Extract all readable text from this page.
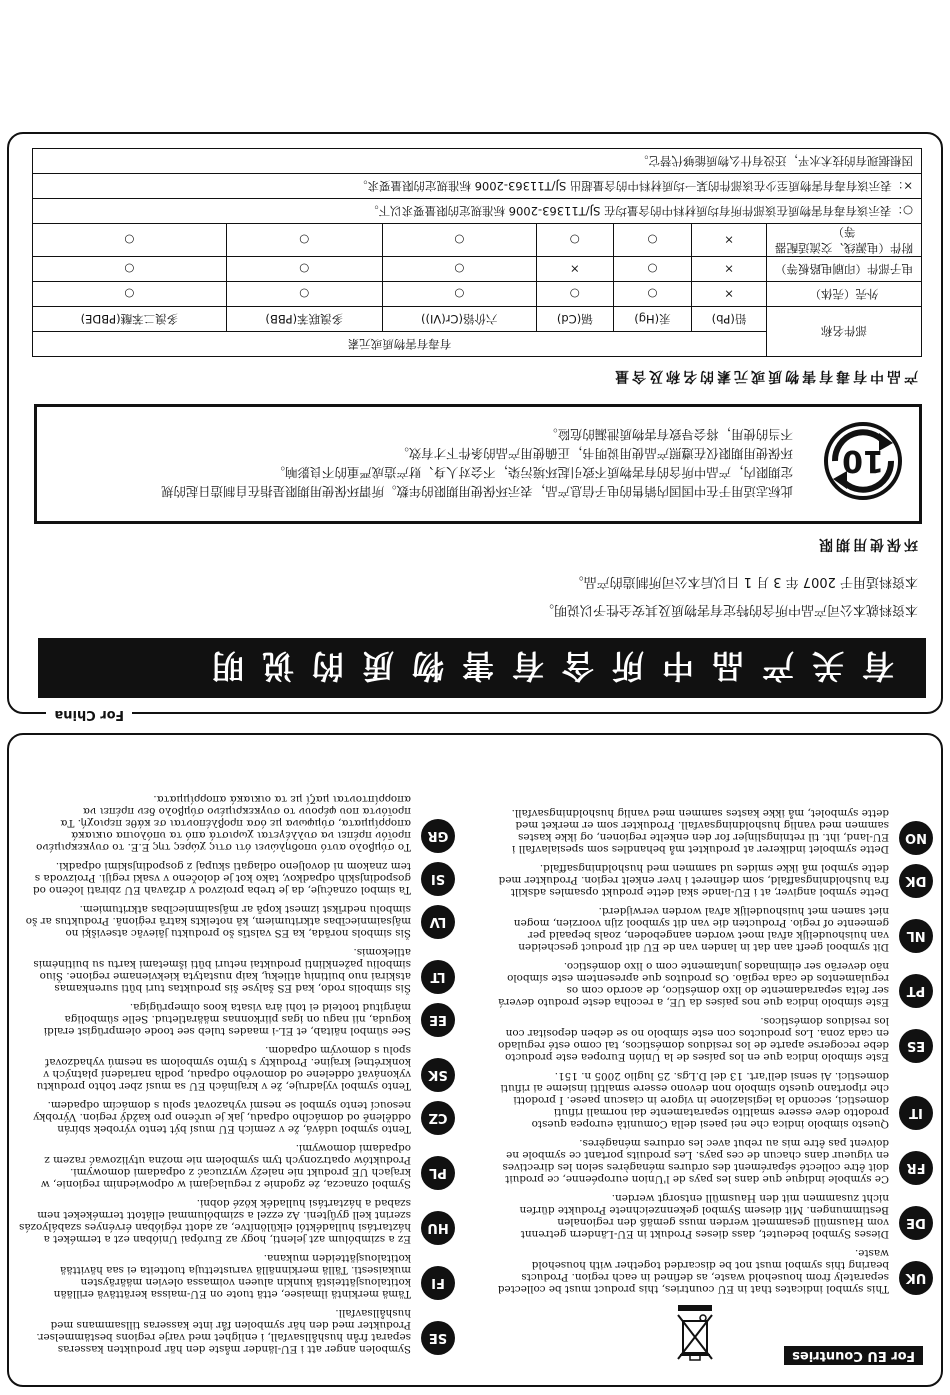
For EU Countries
UK
This symbol indicates that in EU countries, this product must be collected separately from household waste, as defined in each region. Products bearing this symbol must not be discarded together with household waste.
DE
Dieses Symbol bedeutet, dass dieses Produkt in EU-Ländern getrennt vom Hausmüll gesammelt werden muss gemäß den regionalen Bestimmungen. Mit diesem Symbol gekennzeichnete Produkte dürfen nicht zusammen mit den Hausmüll entsorgt werden.
FR
Ce symbole indique que dans les pays de l'Union européenne, ce produit doit être collecté séparément des ordures ménagères selon les directives en vigueur dans chacun de ces pays. Les produits portant ce symbole ne doivent pas être mis au rebut avec les ordures ménagères.
IT
Questo simbolo indica che nei paesi della Comunità europea questo prodotto deve essere smaltito separatamente dai normali rifiuti domestici, secondo la legislazione in vigore in ciascun paese. I prodotti che riportano questo simbolo non devono essere smaltiti insieme ai rifiuti domestici. Ai sensi dell'art. 13 del D.Lgs. 25 luglio 2005 n. 151.
ES
Este símbolo indica que en los países de la Unión Europea este producto debe recogerse aparte de los residuos domésticos, tal como esté regulado en cada zona. Los productos con este símbolo no se deben depositar con los residuos domésticos.
PT
Este símbolo indica que nos países da UE, a recolha deste produto deverá ser feita separadamente do lixo doméstico, de acordo com os regulamentos de cada região. Os produtos que apresentem este símbolo não deverão ser eliminados juntamente com o lixo doméstico.
NL
Dit symbool geeft aan dat in landen van de EU dit product gescheiden van huishoudelijk afval moet worden aangeboden, zoals bepaald per gemeente of regio. Producten die van dit symbool zijn voorzien, mogen niet samen met huishoudelijk afval worden verwijderd.
DK
Dette symbol angiver, at i EU-lande skal dette produkt opsamles adskilt fra husholdningsaffald, som defineret i hver enkelt region. Produkter med dette symbol må ikke smides ud sammen med husholdningsaffald.
NO
Dette symbolet indikerer at produktet må behandles som spesialavfall i EU-land, iht. til retningslinjer for den enkelte regionen, og ikke kastes sammen med vanlig husholdningsavfall. Produkter som er merket med dette symbolet, må ikke kastes sammen med vanlig husholdningsavfall.
SE
Symbolen anger att i EU-länder måste den här produkten kasseras separat från hushållsavfall, i enlighet med varje regions bestämmelser. Produkter med den här symbolen får inte kasseras tillsammans med hushållsavfall.
FI
Tämä merkintä ilmaisee, että tuote on EU-maissa kerättävä erillään kotitalousjätteistä kunkin alueen voimassa olevien määräysten mukaisesti. Tällä merkinnällä varustettuja tuotteita ei saa hävittää kotitalousjätteiden mukana.
HU
Ez a szimbólum azt jelenti, hogy az Európai Unióban ezt a terméket a háztartási hulladéktól elkülönítve, az adott régióban érvényes szabályozás szerint kell gyűjteni. Az ezzel a szimbólummal ellátott termékeket nem szabad a háztartási hulladék közé dobni.
PL
Symbol oznacza, że zgodnie z regulacjami w odpowiednim regionie, w krajach UE produkt nie należy wyrzucać z odpadami domowymi. Produktów opatrzonych tym symbolem nie można utylizować razem z odpadami domowymi.
CZ
Tento symbol udává, že v zemích EU musí být tento výrobek sbírán odděleně od domácího odpadu, jak je určeno pro každý region. Výrobky nesoucí tento symbol se nesmí vyhazovat spolu s domácím odpadem.
SK
Tento symbol vyjadruje, že v krajinách EU sa musí zber tohto produktu vykonávať oddelene od domového odpadu, podľa nariadení platných v konkrétnej krajine. Produkty s týmto symbolom sa nesmú vyhadzovať spolu s domovým odpadom.
EE
See sümbol näitab, et EL-i maades tuleb see toode olemprügist eraldi koguda, nii nagu on igas piirkonnas määratletud. Selle sümboliga märgitud tooteid ei tohi ära visata koos olmeprügiga.
LT
Šis simbolis rodo, kad ES šalyse šis produktas turi būti surenkamas atskirai nuo buitinių atliekų, kaip nustatyta kiekviename regione. Šiuo simboliu paženklinti produktai neturi būti išmetami kartu su buitinėmis atliekomis.
LV
Šis simbols norāda, ka ES valstīs šo produktu jāievāc atsevišķi no mājsaimniecības atkritumiem, kā noteikts katrā reģionā. Produktus ar šo simbolu nedrīkst izmest kopā ar mājsaimniecības atkritumiem.
SI
Ta simbol označuje, da je treba proizvod v državah EU zbirati ločeno od gospodinjskih odpadkov, tako kot je določeno v vsaki regiji. Proizvoda s tem znakom ni dovoljeno odlagati skupaj z gospodinjskimi odpadki.
GR
Το σύμβολο αυτό υποδηλώνει ότι στις χώρες της Ε.Ε. το συγκεκριμένο προϊόν πρέπει να συλλέγεται χωριστά από τα υπόλοιπα οικιακά απορρίμματα, σύμφωνα με όσα προβλέπονται σε κάθε περιοχή. Τα προϊόντα που φέρουν το συγκεκριμένο σύμβολο δεν πρέπει να απορρίπτονται μαζί με τα οικιακά απορρίμματα.
For China
有关产品中所含有害物质的说明
本资料就本公司产品中所含的特定有害物质及其安全性予以说明。
本资料适用于 2007 年 3 月 1 日以后本公司所制造的产品。
环保使用期限
10
此标志适用于在中国国内销售的电子信息产品，表示环保使用期限的年数。所谓环保使用期限是指在自制造日起的规
定期限内，产品中所含的有害物质不致引起环境污染，不会对人身、财产造成严重的不良影响。
环保使用期限仅在遵照产品使用说明书，正确使用产品的条件下才有效。
不当的使用，将会导致有害物质泄漏的危险。
产品中有毒有害物质或元素的名称及含量
部件名称	有毒有害物质或元素					
	铅(Pb)	汞(Hg)	镉(Cd)	六价铬(Cr(VI))	多溴联苯(PBB)	多溴二苯醚(PBDE)
外壳（壳体）	×	○	○	○	○	○
电子部件（印刷电路板等）	×	○	×	○	○	○
附件（电源线、交流适配器等）	×	○	○	○	○	○
○：表示该有毒有害物质在该部件所有均质材料中的含量均在 SJ/T11363-2006 标准规定的限量要求以下。						
×：表示该有毒有害物质至少在该部件的某一均质材料中的含量超出 SJ/T11363-2006 标准规定的限量要求。						
因根据现有的技术水平，还没有什么物质能够代替它。						
